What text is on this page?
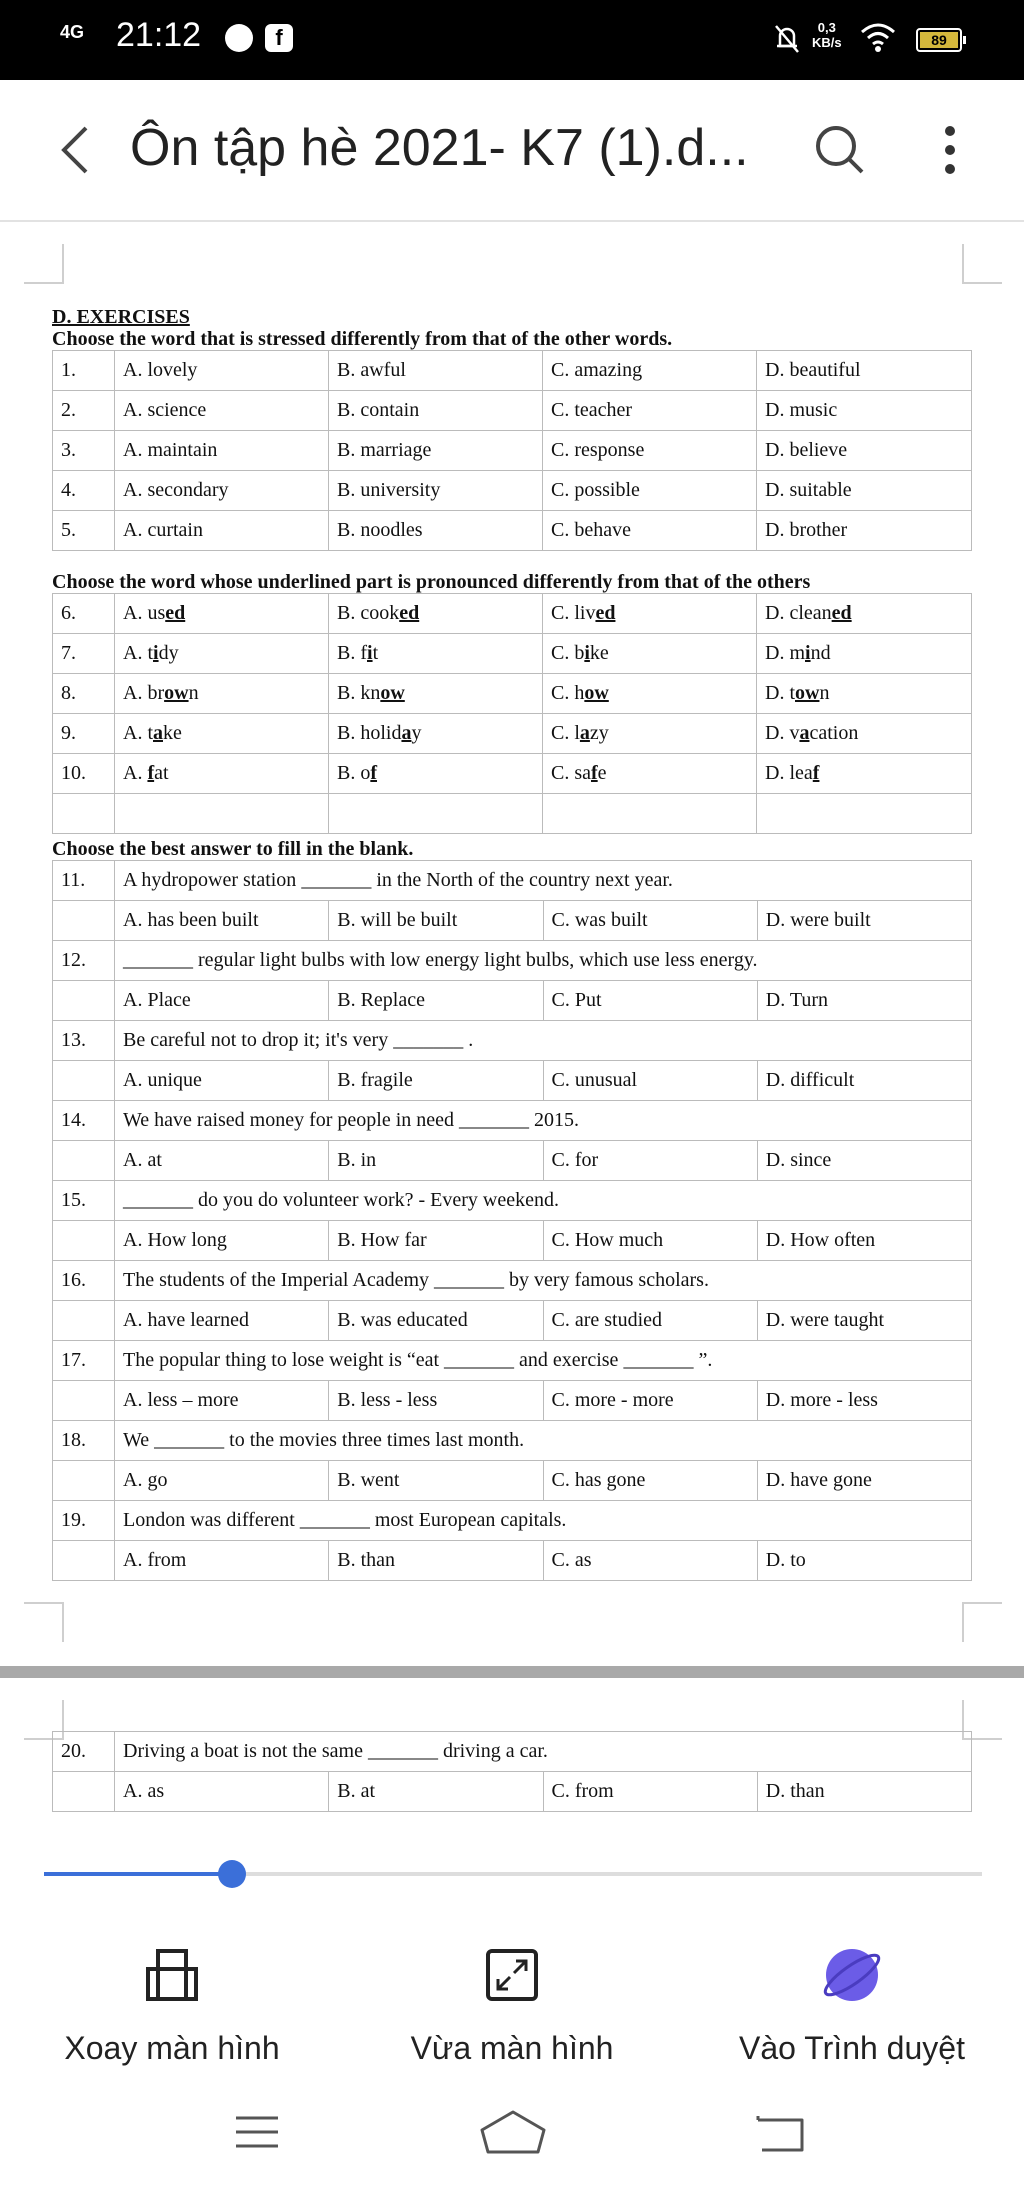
4G 21:12	f	0,3
KB/s	89
Ôn tập hè 2021- K7 (1).d...
D. EXERCISES
Choose the word that is stressed differently from that of the other words.
1.	A. lovely	B. awful	C. amazing	D. beautiful
2.	A. science	B. contain	C. teacher	D. music
3.	A. maintain	B. marriage	C. response	D. believe
4.	A. secondary	B. university	C. possible	D. suitable
5.	A. curtain	B. noodles	C. behave	D. brother
Choose the word whose underlined part is pronounced differently from that of the others
6.	A. used	B. cooked	C. lived	D. cleaned
7.	A. tidy	B. fit	C. bike	D. mind
8.	A. brown	B. know	C. how	D. town
9.	A. take	B. holiday	C. lazy	D. vacation
10.	A. fat	B. of	C. safe	D. leaf

Choose the best answer to fill in the blank.
11.	A hydropower station _______ in the North of the country next year.			
	A. has been built	B. will be built	C. was built	D. were built
12.	_______ regular light bulbs with low energy light bulbs, which use less energy.			
	A. Place	B. Replace	C. Put	D. Turn
13.	Be careful not to drop it; it's very _______ .			
	A. unique	B. fragile	C. unusual	D. difficult
14.	We have raised money for people in need _______ 2015.			
	A. at	B. in	C. for	D. since
15.	_______ do you do volunteer work? - Every weekend.			
	A. How long	B. How far	C. How much	D. How often
16.	The students of the Imperial Academy _______ by very famous scholars.			
	A. have learned	B. was educated	C. are studied	D. were taught
17.	The popular thing to lose weight is “eat _______ and exercise _______ ”.			
	A. less – more	B. less - less	C. more - more	D. more - less
18.	We _______ to the movies three times last month.			
	A. go	B. went	C. has gone	D. have gone
19.	London was different _______ most European capitals.			
	A. from	B. than	C. as	D. to
20.	Driving a boat is not the same _______ driving a car.			
	A. as	B. at	C. from	D. than
Xoay màn hình	Vừa màn hình	Vào Trình duyệt
